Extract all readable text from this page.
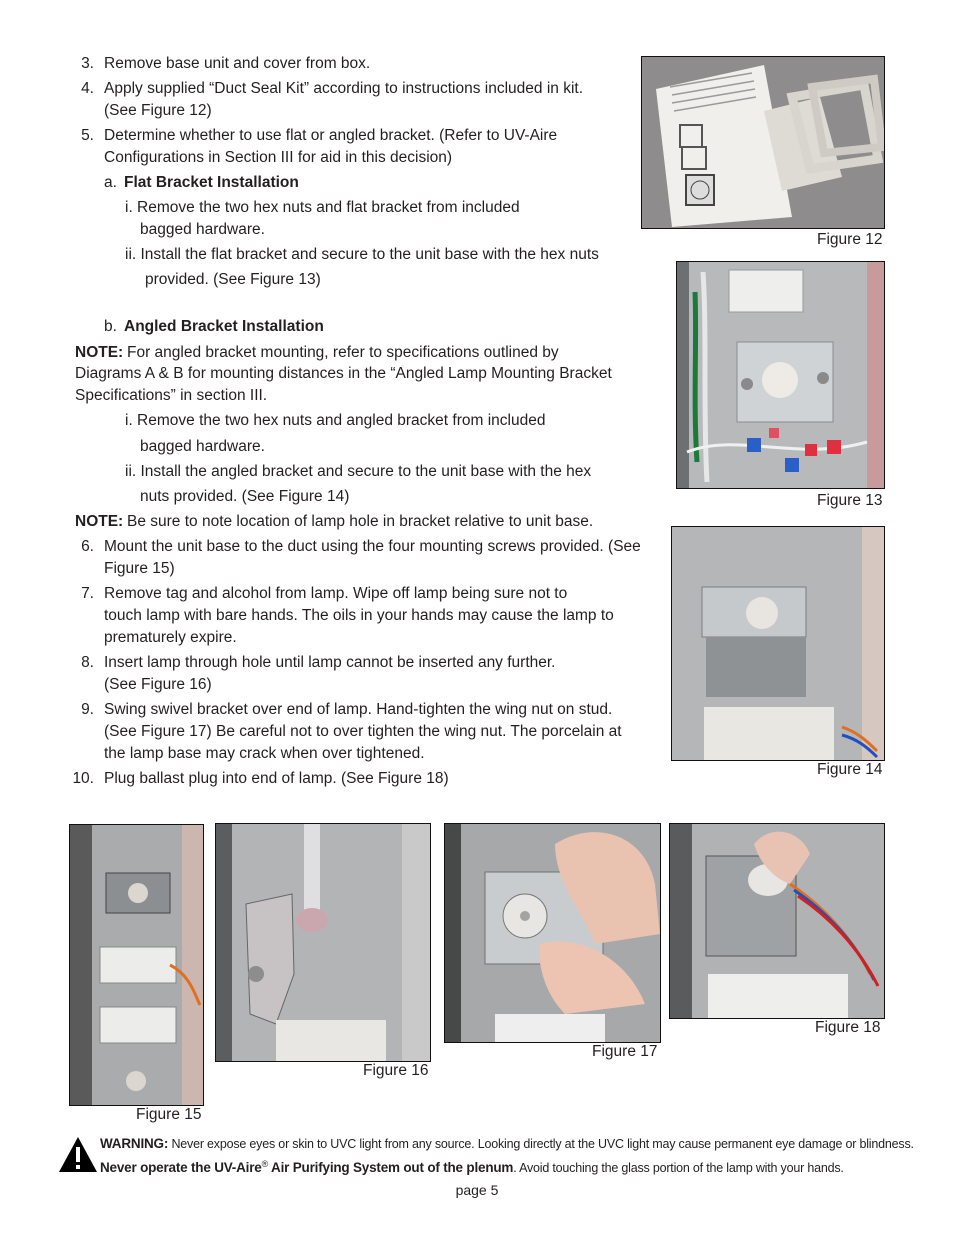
3. Remove base unit and cover from box.
4. Apply supplied “Duct Seal Kit” according to instructions included in kit.
(See Figure 12)
5. Determine whether to use flat or angled bracket. (Refer to UV-Aire
Configurations in Section III for aid in this decision)
a. Flat Bracket Installation
i. Remove the two hex nuts and flat bracket from included
bagged hardware.
ii. Install the flat bracket and secure to the unit base with the hex nuts
provided. (See Figure 13)
b. Angled Bracket Installation
NOTE: For angled bracket mounting, refer to specifications outlined by
Diagrams A & B for mounting distances in the “Angled Lamp Mounting Bracket
Specifications” in section III.
i. Remove the two hex nuts and angled bracket from included
bagged hardware.
ii. Install the angled bracket and secure to the unit base with the hex
nuts provided. (See Figure 14)
NOTE: Be sure to note location of lamp hole in bracket relative to unit base.
6. Mount the unit base to the duct using the four mounting screws provided. (See
Figure 15)
7. Remove tag and alcohol from lamp. Wipe off lamp being sure not to
touch lamp with bare hands. The oils in your hands may cause the lamp to
prematurely expire.
8. Insert lamp through hole until lamp cannot be inserted any further.
(See Figure 16)
9. Swing swivel bracket over end of lamp. Hand-tighten the wing nut on stud.
(See Figure 17) Be careful not to over tighten the wing nut. The porcelain at
the lamp base may crack when over tightened.
10. Plug ballast plug into end of lamp. (See Figure 18)
Figure 12
Figure 13
Figure 14
Figure 15
Figure 16
Figure 17
Figure 18
WARNING: Never expose eyes or skin to UVC light from any source. Looking directly at the UVC light may cause permanent eye damage or blindness.
Never operate the UV-Aire® Air Purifying System out of the plenum. Avoid touching the glass portion of the lamp with your hands.
page 5
